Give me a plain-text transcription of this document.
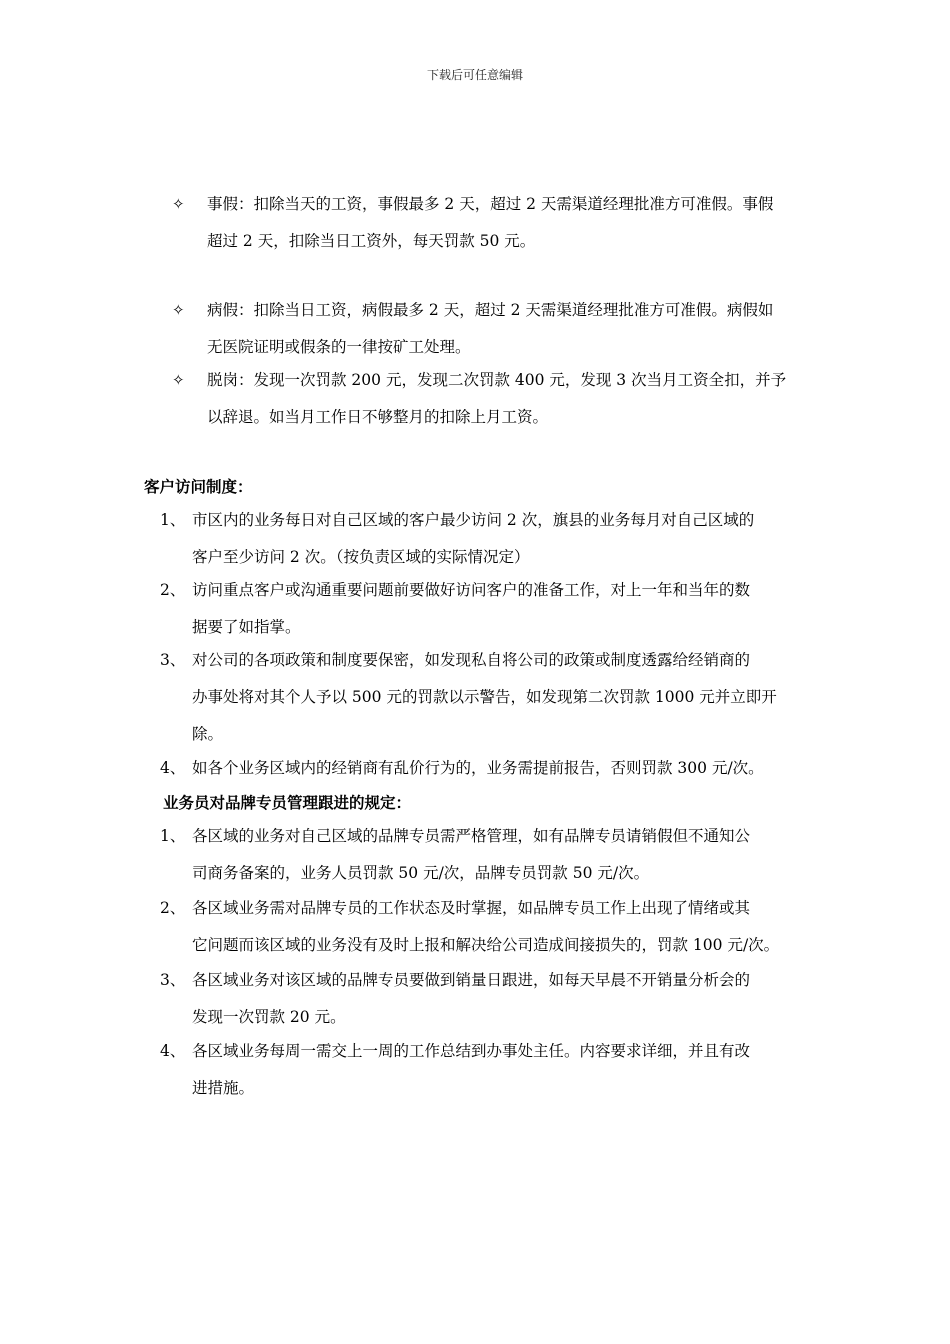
下载后可任意编辑
✧ 事假：扣除当天的工资，事假最多 2 天，超过 2 天需渠道经理批准方可准假。事假
超过 2 天，扣除当日工资外，每天罚款 50 元。
✧ 病假：扣除当日工资，病假最多 2 天，超过 2 天需渠道经理批准方可准假。病假如
无医院证明或假条的一律按矿工处理。
✧ 脱岗：发现一次罚款 200 元，发现二次罚款 400 元，发现 3 次当月工资全扣，并予
以辞退。如当月工作日不够整月的扣除上月工资。
客户访问制度：
1、 市区内的业务每日对自己区域的客户最少访问 2 次，旗县的业务每月对自己区域的
客户至少访问 2 次。（按负责区域的实际情况定）
2、 访问重点客户或沟通重要问题前要做好访问客户的准备工作，对上一年和当年的数
据要了如指掌。
3、 对公司的各项政策和制度要保密，如发现私自将公司的政策或制度透露给经销商的
办事处将对其个人予以 500 元的罚款以示警告，如发现第二次罚款 1000 元并立即开
除。
4、 如各个业务区域内的经销商有乱价行为的，业务需提前报告，否则罚款 300 元/次。
业务员对品牌专员管理跟进的规定：
1、 各区域的业务对自己区域的品牌专员需严格管理，如有品牌专员请销假但不通知公
司商务备案的，业务人员罚款 50 元/次，品牌专员罚款 50 元/次。
2、 各区域业务需对品牌专员的工作状态及时掌握，如品牌专员工作上出现了情绪或其
它问题而该区域的业务没有及时上报和解决给公司造成间接损失的，罚款 100 元/次。
3、 各区域业务对该区域的品牌专员要做到销量日跟进，如每天早晨不开销量分析会的
发现一次罚款 20 元。
4、 各区域业务每周一需交上一周的工作总结到办事处主任。内容要求详细，并且有改
进措施。
